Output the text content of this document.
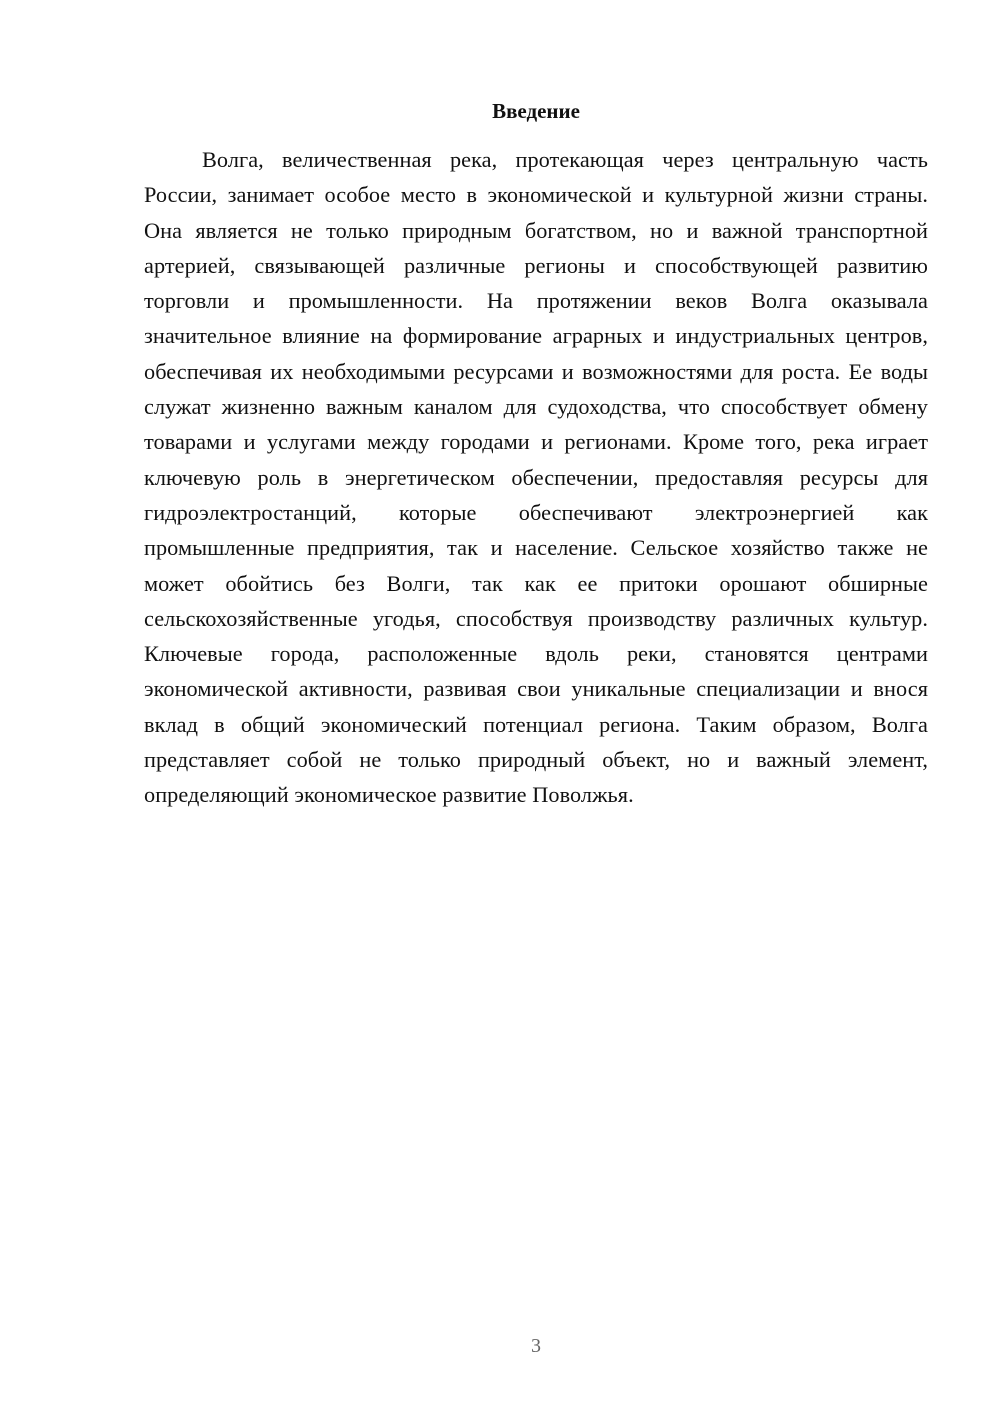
Введение

Волга, величественная река, протекающая через центральную часть России, занимает особое место в экономической и культурной жизни страны. Она является не только природным богатством, но и важной транспортной артерией, связывающей различные регионы и способствующей развитию торговли и промышленности. На протяжении веков Волга оказывала значительное влияние на формирование аграрных и индустриальных центров, обеспечивая их необходимыми ресурсами и возможностями для роста. Ее воды служат жизненно важным каналом для судоходства, что способствует обмену товарами и услугами между городами и регионами. Кроме того, река играет ключевую роль в энергетическом обеспечении, предоставляя ресурсы для гидроэлектростанций, которые обеспечивают электроэнергией как промышленные предприятия, так и население. Сельское хозяйство также не может обойтись без Волги, так как ее притоки орошают обширные сельскохозяйственные угодья, способствуя производству различных культур. Ключевые города, расположенные вдоль реки, становятся центрами экономической активности, развивая свои уникальные специализации и внося вклад в общий экономический потенциал региона. Таким образом, Волга представляет собой не только природный объект, но и важный элемент, определяющий экономическое развитие Поволжья.

3
